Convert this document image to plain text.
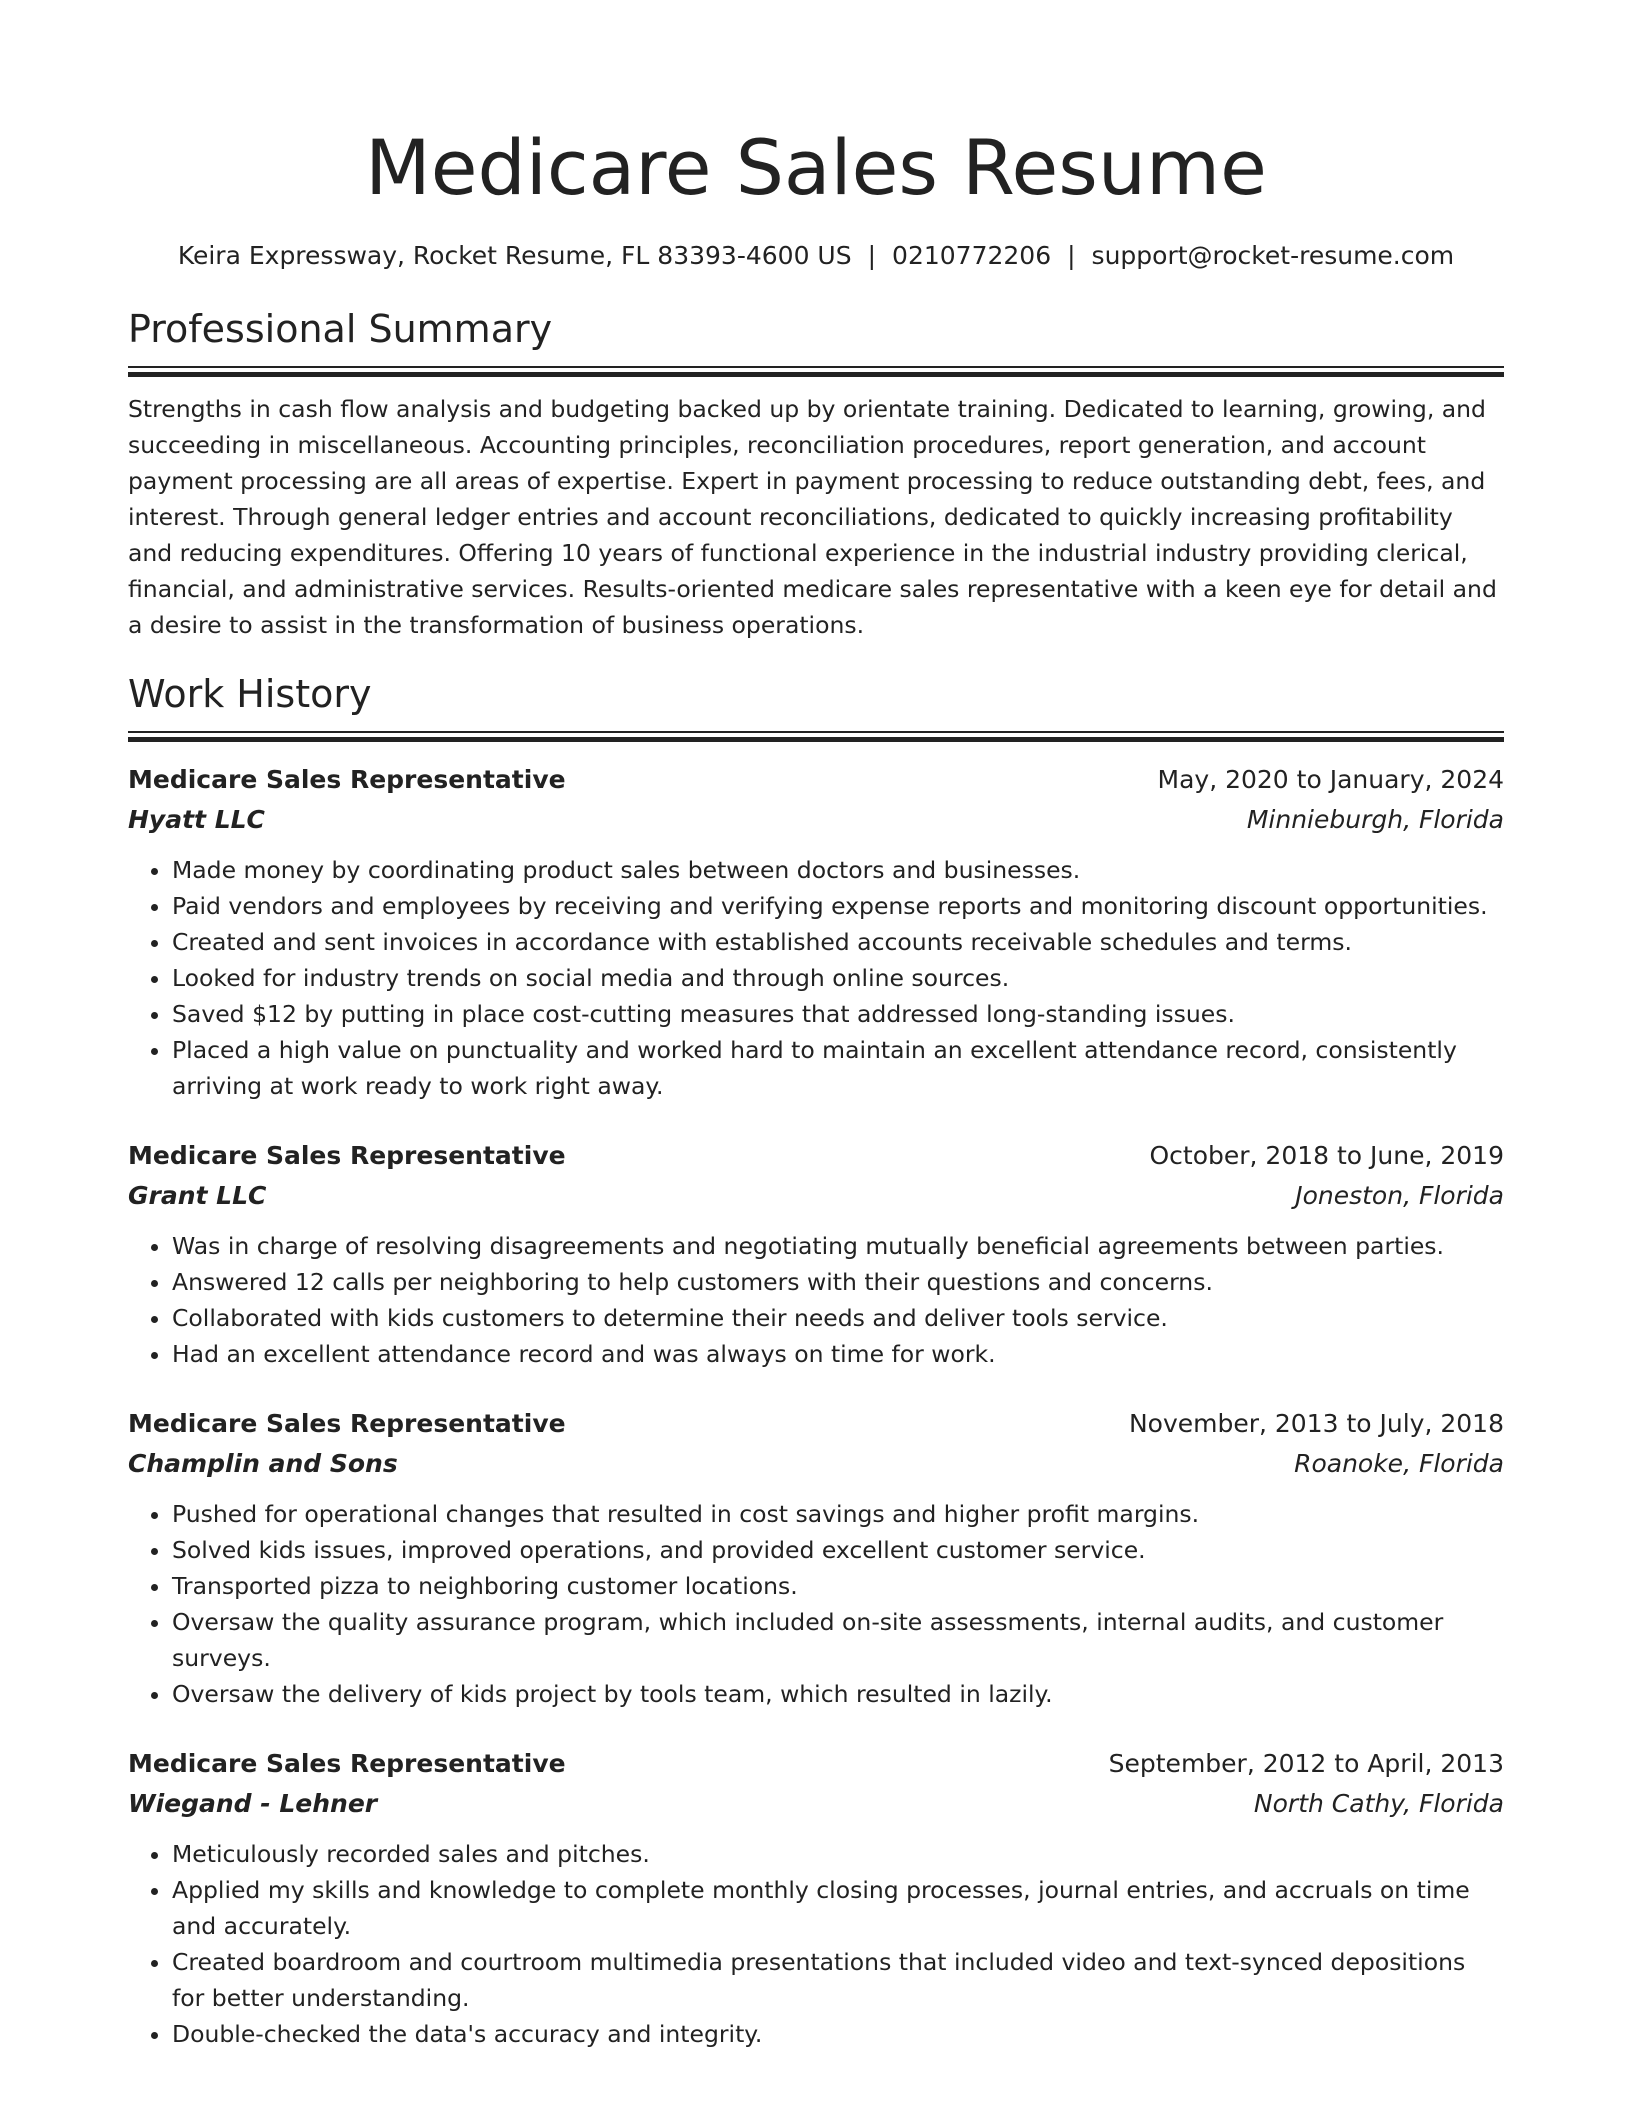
Medicare Sales Resume
Keira Expressway, Rocket Resume, FL 83393-4600 US | 0210772206 | support@rocket-resume.com
Professional Summary

Strengths in cash flow analysis and budgeting backed up by orientate training. Dedicated to learning, growing, and succeeding in miscellaneous. Accounting principles, reconciliation procedures, report generation, and account payment processing are all areas of expertise. Expert in payment processing to reduce outstanding debt, fees, and interest. Through general ledger entries and account reconciliations, dedicated to quickly increasing profitability and reducing expenditures. Offering 10 years of functional experience in the industrial industry providing clerical, financial, and administrative services. Results-oriented medicare sales representative with a keen eye for detail and a desire to assist in the transformation of business operations.

Work History
Medicare Sales Representative	May, 2020 to January, 2024
Hyatt LLC	Minnieburgh, Florida
• Made money by coordinating product sales between doctors and businesses.
• Paid vendors and employees by receiving and verifying expense reports and monitoring discount opportunities.
• Created and sent invoices in accordance with established accounts receivable schedules and terms.
• Looked for industry trends on social media and through online sources.
• Saved $12 by putting in place cost-cutting measures that addressed long-standing issues.
• Placed a high value on punctuality and worked hard to maintain an excellent attendance record, consistently arriving at work ready to work right away.
Medicare Sales Representative	October, 2018 to June, 2019
Grant LLC	Joneston, Florida
• Was in charge of resolving disagreements and negotiating mutually beneficial agreements between parties.
• Answered 12 calls per neighboring to help customers with their questions and concerns.
• Collaborated with kids customers to determine their needs and deliver tools service.
• Had an excellent attendance record and was always on time for work.
Medicare Sales Representative	November, 2013 to July, 2018
Champlin and Sons	Roanoke, Florida
• Pushed for operational changes that resulted in cost savings and higher profit margins.
• Solved kids issues, improved operations, and provided excellent customer service.
• Transported pizza to neighboring customer locations.
• Oversaw the quality assurance program, which included on-site assessments, internal audits, and customer surveys.
• Oversaw the delivery of kids project by tools team, which resulted in lazily.
Medicare Sales Representative	September, 2012 to April, 2013
Wiegand - Lehner	North Cathy, Florida
• Meticulously recorded sales and pitches.
• Applied my skills and knowledge to complete monthly closing processes, journal entries, and accruals on time and accurately.
• Created boardroom and courtroom multimedia presentations that included video and text-synced depositions for better understanding.
• Double-checked the data's accuracy and integrity.
